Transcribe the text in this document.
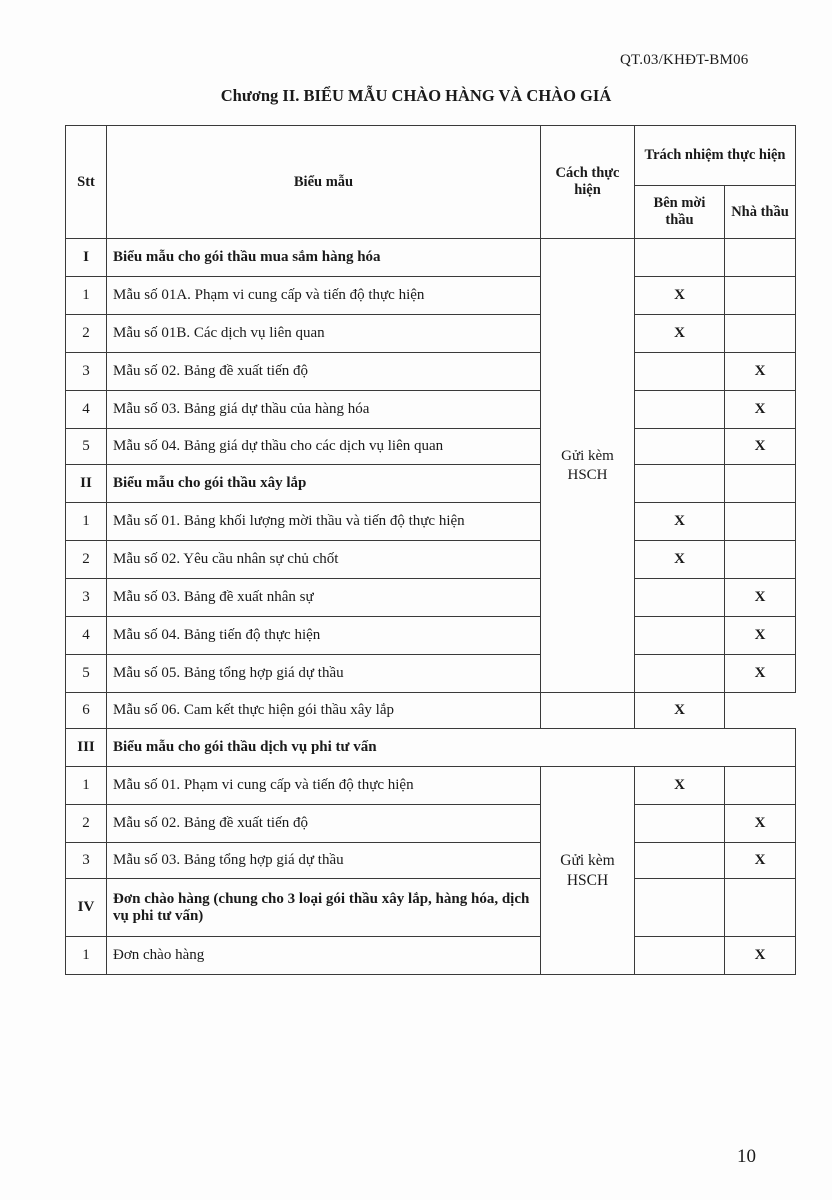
QT.03/KHĐT-BM06
Chương II. BIỂU MẪU CHÀO HÀNG VÀ CHÀO GIÁ
Stt	Biểu mẫu	Cách thực hiện	Trách nhiệm thực hiện	
			Bên mời thầu	Nhà thầu
I	Biểu mẫu cho gói thầu mua sắm hàng hóa	Gửi kèm HSCH		
1	Mẫu số 01A. Phạm vi cung cấp và tiến độ thực hiện		X	
2	Mẫu số 01B. Các dịch vụ liên quan		X	
3	Mẫu số 02. Bảng đề xuất tiến độ			X
4	Mẫu số 03. Bảng giá dự thầu của hàng hóa			X
5	Mẫu số 04. Bảng giá dự thầu cho các dịch vụ liên quan			X
II	Biểu mẫu cho gói thầu xây lắp			
1	Mẫu số 01. Bảng khối lượng mời thầu và tiến độ thực hiện		X	
2	Mẫu số 02. Yêu cầu nhân sự chủ chốt		X	
3	Mẫu số 03. Bảng đề xuất nhân sự			X
4	Mẫu số 04. Bảng tiến độ thực hiện			X
5	Mẫu số 05. Bảng tổng hợp giá dự thầu			X
6	Mẫu số 06. Cam kết thực hiện gói thầu xây lắp		X	
III	Biểu mẫu cho gói thầu dịch vụ phi tư vấn			
1	Mẫu số 01. Phạm vi cung cấp và tiến độ thực hiện	Gửi kèm HSCH	X	
2	Mẫu số 02. Bảng đề xuất tiến độ			X
3	Mẫu số 03. Bảng tổng hợp giá dự thầu			X
IV	Đơn chào hàng (chung cho 3 loại gói thầu xây lắp, hàng hóa, dịch vụ phi tư vấn)			
1	Đơn chào hàng			X
10
